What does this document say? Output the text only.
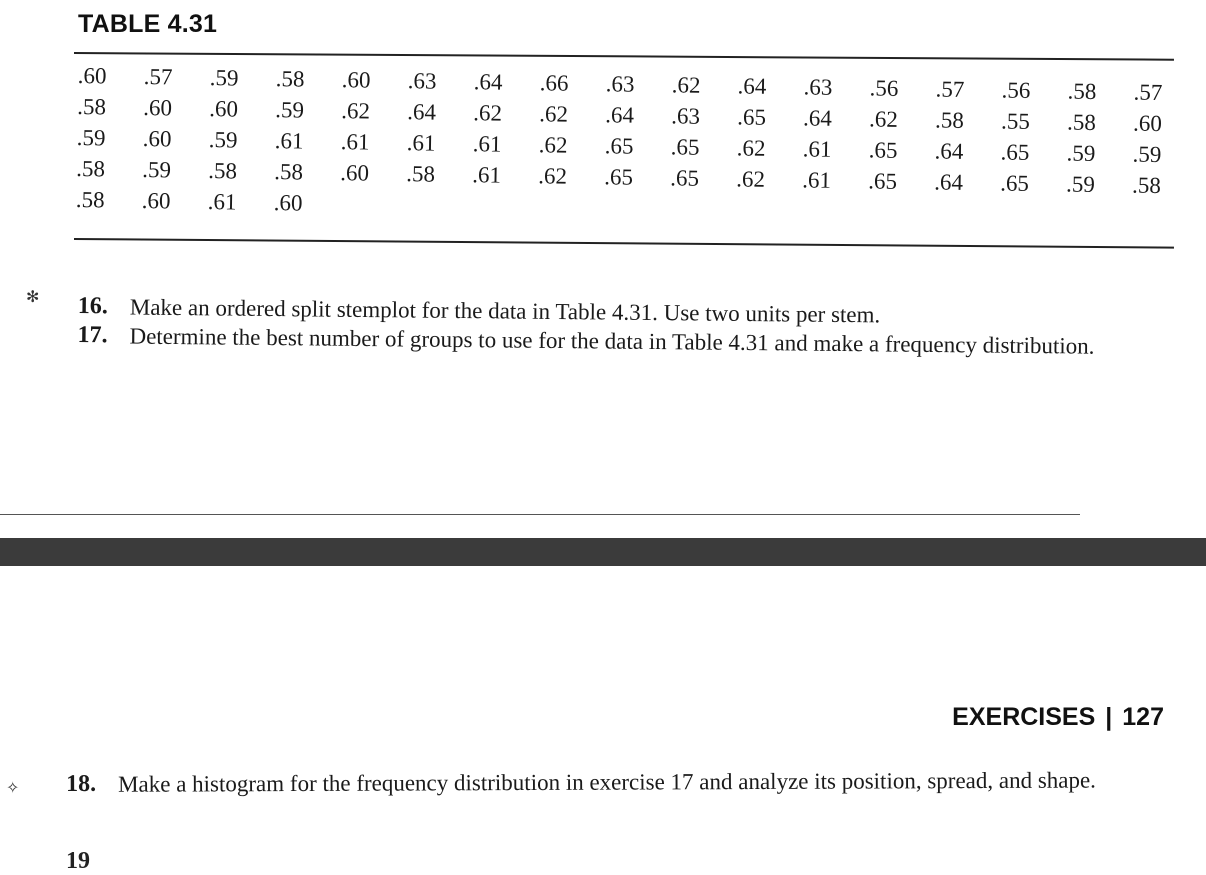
TABLE 4.31
.60 .57 .59 .58 .60 .63 .64 .66 .63 .62 .64 .63 .56 .57 .56 .58 .57
.58 .60 .60 .59 .62 .64 .62 .62 .64 .63 .65 .64 .62 .58 .55 .58 .60
.59 .60 .59 .61 .61 .61 .61 .62 .65 .65 .62 .61 .65 .64 .65 .59 .59
.58 .59 .58 .58 .60 .58 .61 .62 .65 .65 .62 .61 .65 .64 .65 .59 .58
.58 .60 .61 .60
✻ 16. Make an ordered split stemplot for the data in Table 4.31. Use two units per stem.
17. Determine the best number of groups to use for the data in Table 4.31 and make a frequency distribution.
EXERCISES | 127
✧ 18. Make a histogram for the frequency distribution in exercise 17 and analyze its position, spread, and shape.
19
